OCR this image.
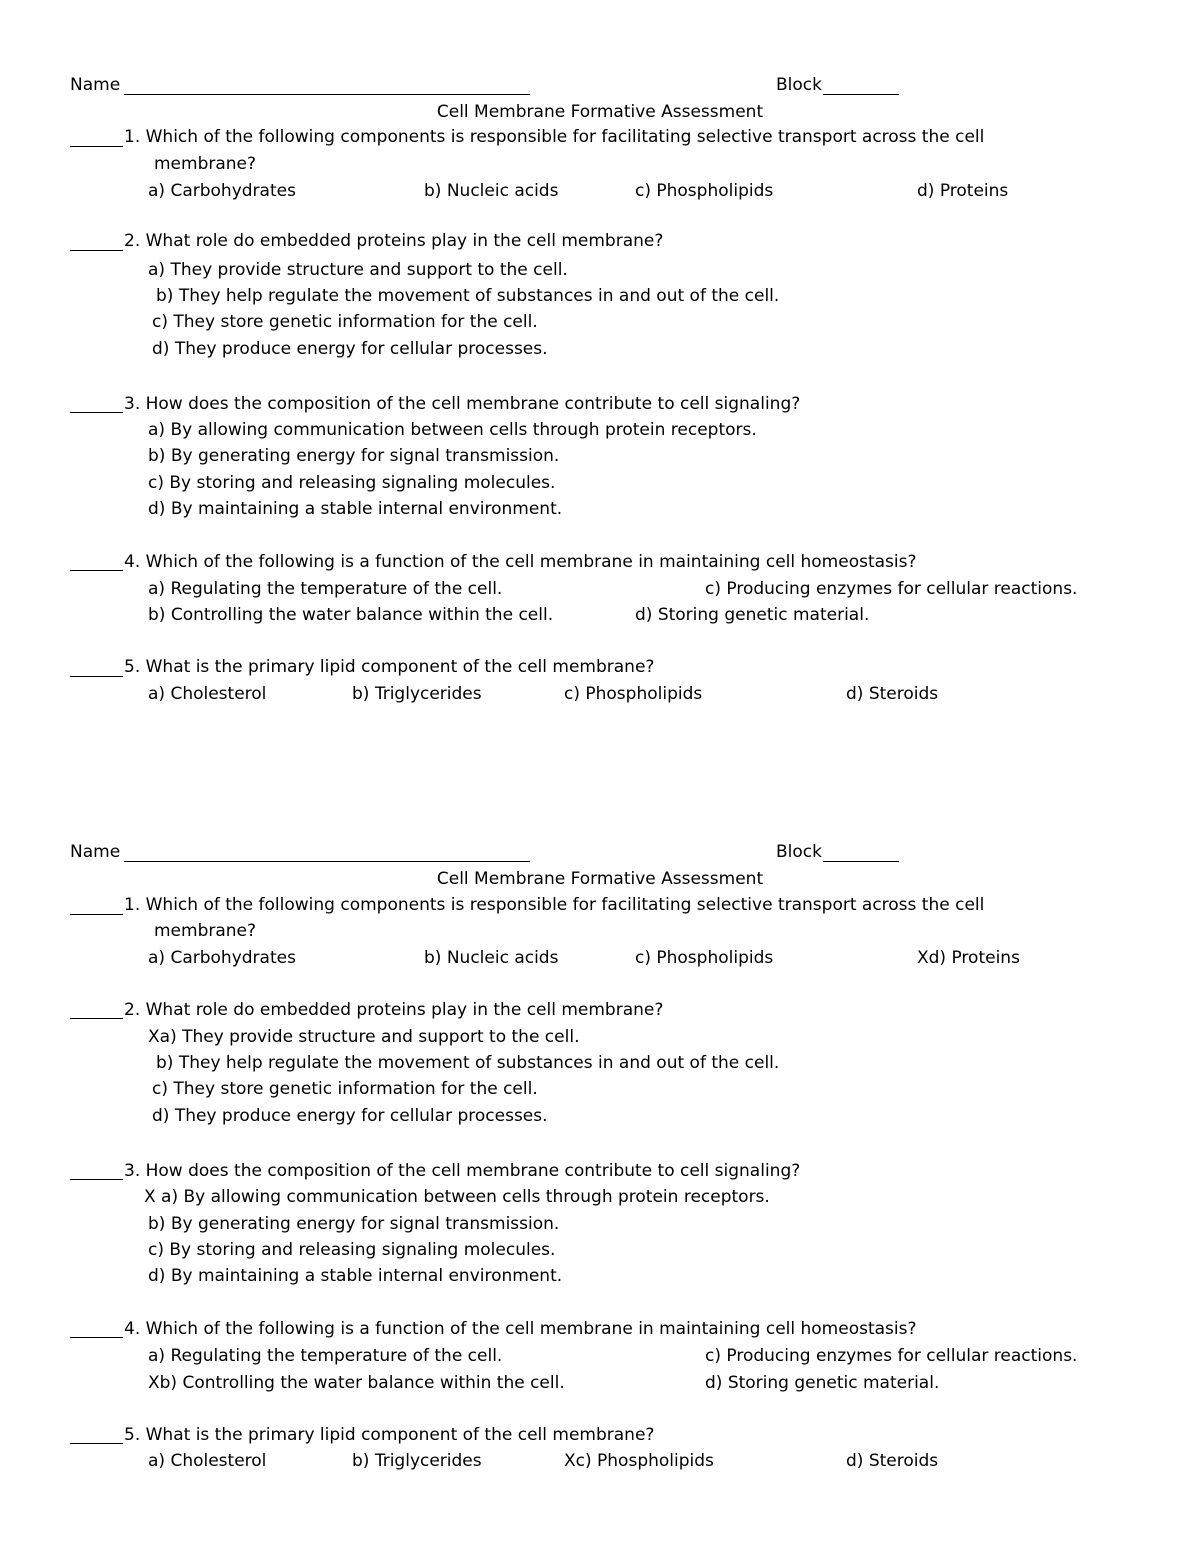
Name	Block
Cell Membrane Formative Assessment
1. Which of the following components is responsible for facilitating selective transport across the cell
membrane?
a) Carbohydrates	b) Nucleic acids	c) Phospholipids	d) Proteins
2. What role do embedded proteins play in the cell membrane?
a) They provide structure and support to the cell.
b) They help regulate the movement of substances in and out of the cell.
c) They store genetic information for the cell.
d) They produce energy for cellular processes.
3. How does the composition of the cell membrane contribute to cell signaling?
a) By allowing communication between cells through protein receptors.
b) By generating energy for signal transmission.
c) By storing and releasing signaling molecules.
d) By maintaining a stable internal environment.
4. Which of the following is a function of the cell membrane in maintaining cell homeostasis?
a) Regulating the temperature of the cell.	c) Producing enzymes for cellular reactions.
b) Controlling the water balance within the cell.	d) Storing genetic material.
5. What is the primary lipid component of the cell membrane?
a) Cholesterol	b) Triglycerides	c) Phospholipids	d) Steroids
Name	Block
Cell Membrane Formative Assessment
1. Which of the following components is responsible for facilitating selective transport across the cell
membrane?
a) Carbohydrates	b) Nucleic acids	c) Phospholipids	Xd) Proteins
2. What role do embedded proteins play in the cell membrane?
Xa) They provide structure and support to the cell.
b) They help regulate the movement of substances in and out of the cell.
c) They store genetic information for the cell.
d) They produce energy for cellular processes.
3. How does the composition of the cell membrane contribute to cell signaling?
X a) By allowing communication between cells through protein receptors.
b) By generating energy for signal transmission.
c) By storing and releasing signaling molecules.
d) By maintaining a stable internal environment.
4. Which of the following is a function of the cell membrane in maintaining cell homeostasis?
a) Regulating the temperature of the cell.	c) Producing enzymes for cellular reactions.
Xb) Controlling the water balance within the cell.	d) Storing genetic material.
5. What is the primary lipid component of the cell membrane?
a) Cholesterol	b) Triglycerides	Xc) Phospholipids	d) Steroids
